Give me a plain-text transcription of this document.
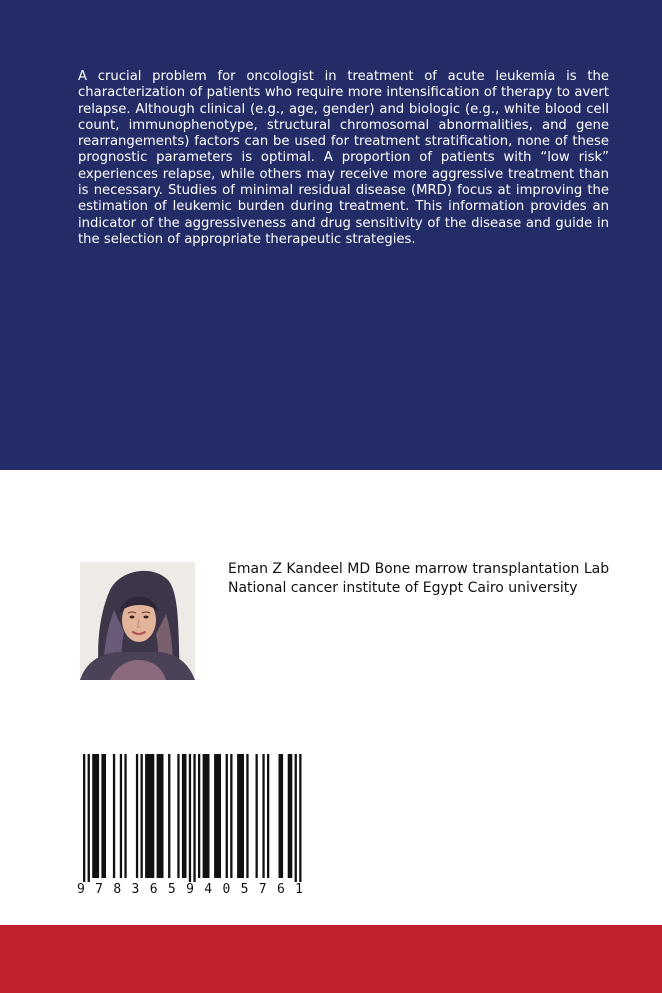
A crucial problem for oncologist in treatment of acute leukemia is the characterization of patients who require more intensification of therapy to avert relapse. Although clinical (e.g., age, gender) and biologic (e.g., white blood cell count, immunophenotype, structural chromosomal abnormalities, and gene rearrangements) factors can be used for treatment stratification, none of these prognostic parameters is optimal. A proportion of patients with “low risk” experiences relapse, while others may receive more aggressive treatment than is necessary. Studies of minimal residual disease (MRD) focus at improving the estimation of leukemic burden during treatment. This information provides an indicator of the aggressiveness and drug sensitivity of the disease and guide in the selection of appropriate therapeutic strategies.

Eman Z Kandeel MD Bone marrow transplantation Lab National cancer institute of Egypt Cairo university

9783659405761
